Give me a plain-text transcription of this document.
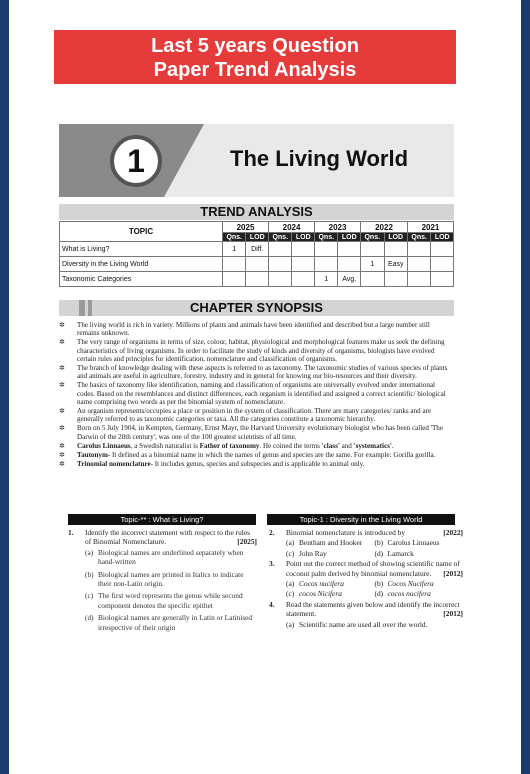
Last 5 years Question
Paper Trend Analysis
1	The Living World
TREND ANALYSIS
TOPIC	2025		2024		2023		2022		2021	
	Qns.	LOD	Qns.	LOD	Qns.	LOD	Qns.	LOD	Qns.	LOD
What is Living?	1	Diff.								
Diversity in the Living World							1	Easy		
Taxonomic Categories					1	Avg.				
CHAPTER SYNOPSIS
✲ The living world is rich in variety. Millions of plants and animals have been identified and described but a large number still remains unknown.
✲ The very range of organisms in terms of size, colour, habitat, physiological and morphological features make us seek the defining characteristics of living organisms. In order to facilitate the study of kinds and diversity of organisms, biologists have evolved certain rules and principles for identification, nomenclature and classification of organisms.
✲ The branch of knowledge dealing with these aspects is referred to as taxonomy. The taxonomic studies of various species of plants and animals are useful in agriculture, forestry, industry and in general for knowing our bio-resources and their diversity.
✲ The basics of taxonomy like identification, naming and classification of organisms are universally evolved under international codes. Based on the resemblances and distinct differences, each organism is identified and assigned a correct scientific/ biological name comprising two words as per the binomial system of nomenclature.
✲ An organism represents/occupies a place or position in the system of classification. There are many categories/ ranks and are generally referred to as taxonomic categories or taxa. All the categories constitute a taxonomic hierarchy.
✲ Born on 5 July 1904, in Kempten, Germany, Ernst Mayr, the Harvard University evolutionary biologist who has been called 'The Darwin of the 20th century', was one of the 100 greatest scientists of all time.
✲ Carolus Linnaeus, a Swedish naturalist is Father of taxonomy. He coined the terms 'class' and 'systematics'.
✲ Tautonym- It defined as a binomial name in which the names of genus and species are the same. For example: Gorilla gorilla.
✲ Trinomial nomenclature- It includes genus, species and subspecies and is applicable to animal only.
Topic-** : What is Living?	Topic-1 : Diversity in the Living World
1. Identify the incorrect statement with respect to the rules of Binomial Nomenclature.	[2025]
(a) Biological names are underlined separately when hand-written
(b) Biological names are printed in Italics to indicate their non-Latin origin.
(c) The first word represents the genus while second component denotes the specific epithet
(d) Biological names are generally in Latin or Latinised irrespective of their origin
2. Binomial nomenclature is introduced by	[2022]
(a) Bentham and Hooker	(b) Carolus Linnaeus
(c) John Ray	(d) Lamarck
3. Point out the correct method of showing scientific name of coconut palm derived by binomial nomenclature. [2012]
(a) Cocos nucifera	(b) Cocos Nucifera
(c) cocos Nicifera	(d) cocos nucifera
4. Read the statements given below and identify the incorrect statement.	[2012]
(a) Scientific name are used all over the world.
